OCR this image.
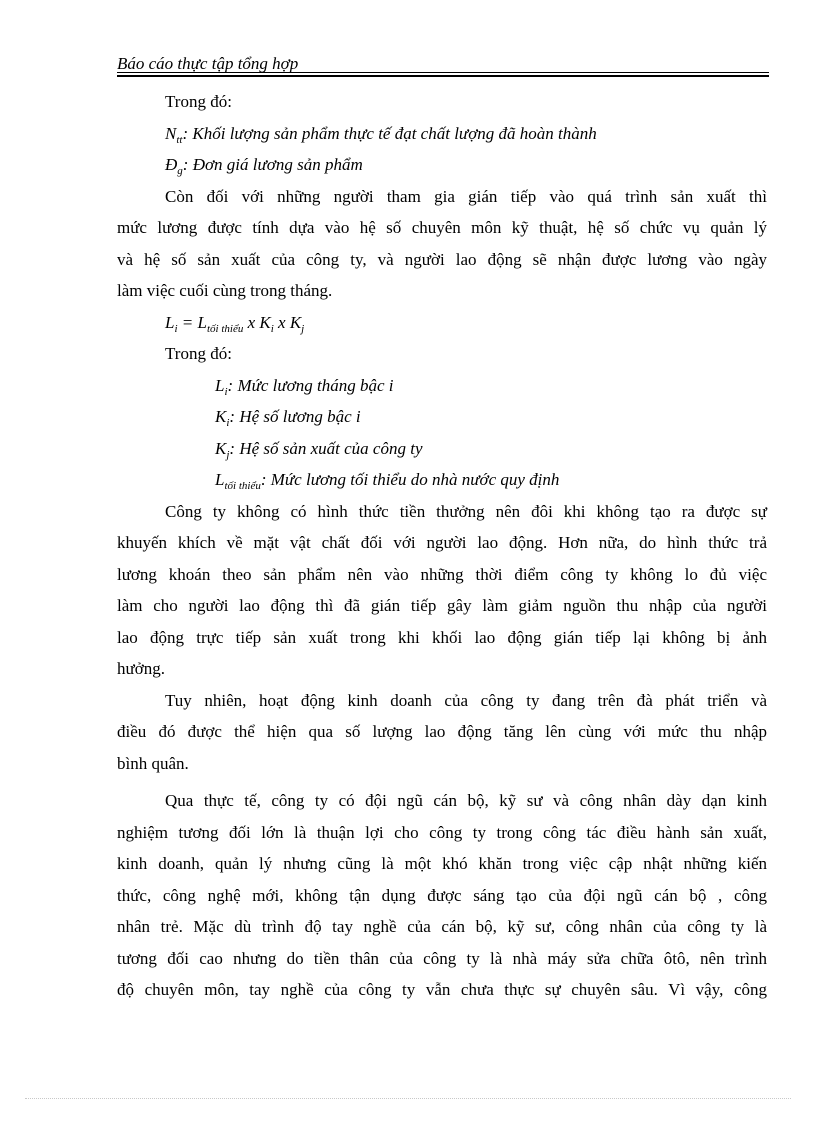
Báo cáo thực tập tổng hợp
Trong đó:
$N_{tt}$: Khối lượng sản phẩm thực tế đạt chất lượng đã hoàn thành
$Đ_g$: Đơn giá lương sản phẩm
Còn đối với những người tham gia gián tiếp vào quá trình sản xuất thì
mức lương được tính dựa vào hệ số chuyên môn kỹ thuật, hệ số chức vụ quản lý
và hệ số sản xuất của công ty, và người lao động sẽ nhận được lương vào ngày
làm việc cuối cùng trong tháng.
$L_i = L_{tối thiểu}$ x $K_i$ x $K_j$
Trong đó:
$L_i$: Mức lương tháng bậc i
$K_i$: Hệ số lương bậc i
$K_j$: Hệ số sản xuất của công ty
$L_{tối thiểu}$: Mức lương tối thiểu do nhà nước quy định
Công ty không có hình thức tiền thưởng nên đôi khi không tạo ra được sự
khuyến khích về mặt vật chất đối với người lao động. Hơn nữa, do hình thức trả
lương khoán theo sản phẩm nên vào những thời điểm công ty không lo đủ việc
làm cho người lao động thì đã gián tiếp gây làm giảm nguồn thu nhập của người
lao động trực tiếp sản xuất trong khi khối lao động gián tiếp lại không bị ảnh
hưởng.
Tuy nhiên, hoạt động kinh doanh của công ty đang trên đà phát triển và
điều đó được thể hiện qua số lượng lao động tăng lên cùng với mức thu nhập
bình quân.
Qua thực tế, công ty có đội ngũ cán bộ, kỹ sư và công nhân dày dạn kinh
nghiệm tương đối lớn là thuận lợi cho công ty trong công tác điều hành sản xuất,
kinh doanh, quản lý nhưng cũng là một khó khăn trong việc cập nhật những kiến
thức, công nghệ mới, không tận dụng được sáng tạo của đội ngũ cán bộ , công
nhân trẻ. Mặc dù trình độ tay nghề của cán bộ, kỹ sư, công nhân của công ty là
tương đối cao nhưng do tiền thân của công ty là nhà máy sửa chữa ôtô, nên trình
độ chuyên môn, tay nghề của công ty vẫn chưa thực sự chuyên sâu. Vì vậy, công
